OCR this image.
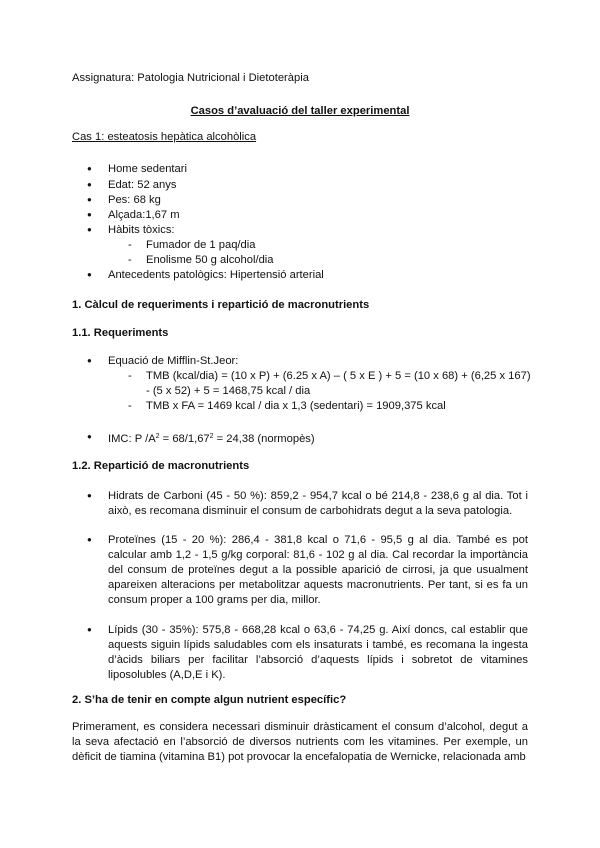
Assignatura: Patologia Nutricional i Dietoteràpia
Casos d’avaluació del taller experimental
Cas 1: esteatosis hepàtica alcohòlica
● Home sedentari
● Edat: 52 anys
● Pes: 68 kg
● Alçada:1,67 m
● Hàbits tòxics:
- Fumador de 1 paq/dia
- Enolisme 50 g alcohol/dia
● Antecedents patològics: Hipertensió arterial
1. Càlcul de requeriments i repartició de macronutrients
1.1. Requeriments
● Equació de Mifflin-St.Jeor:
- TMB (kcal/dia) = (10 x P) + (6.25 x A) – ( 5 x E ) + 5 = (10 x 68) + (6,25 x 167)
- (5 x 52) + 5 = 1468,75 kcal / dia
- TMB x FA = 1469 kcal / dia x 1,3 (sedentari) = 1909,375 kcal
● IMC: P $/A^2 = 68/1,67^2 = 24,38$ (normopès)
1.2. Repartició de macronutrients
● Hidrats de Carboni (45 - 50 %): 859,2 - 954,7 kcal o bé 214,8 - 238,6 g al dia. Tot i això, es recomana disminuir el consum de carbohidrats degut a la seva patologia.
● Proteïnes (15 - 20 %): 286,4 - 381,8 kcal o 71,6 - 95,5 g al dia. També es pot calcular amb 1,2 - 1,5 g/kg corporal: 81,6 - 102 g al dia. Cal recordar la importància del consum de proteïnes degut a la possible aparició de cirrosi, ja que usualment apareixen alteracions per metabolitzar aquests macronutrients. Per tant, si es fa un consum proper a 100 grams per dia, millor.
● Lípids (30 - 35%): 575,8 - 668,28 kcal o 63,6 - 74,25 g. Així doncs, cal establir que aquests siguin lípids saludables com els insaturats i també, es recomana la ingesta d’àcids biliars per facilitar l’absorció d’aquests lípids i sobretot de vitamines liposolubles (A,D,E i K).
2. S’ha de tenir en compte algun nutrient específic?
Primerament, es considera necessari disminuir dràsticament el consum d’alcohol, degut a la seva afectació en l’absorció de diversos nutrients com les vitamines. Per exemple, un dèficit de tiamina (vitamina B1) pot provocar la encefalopatia de Wernicke, relacionada amb
